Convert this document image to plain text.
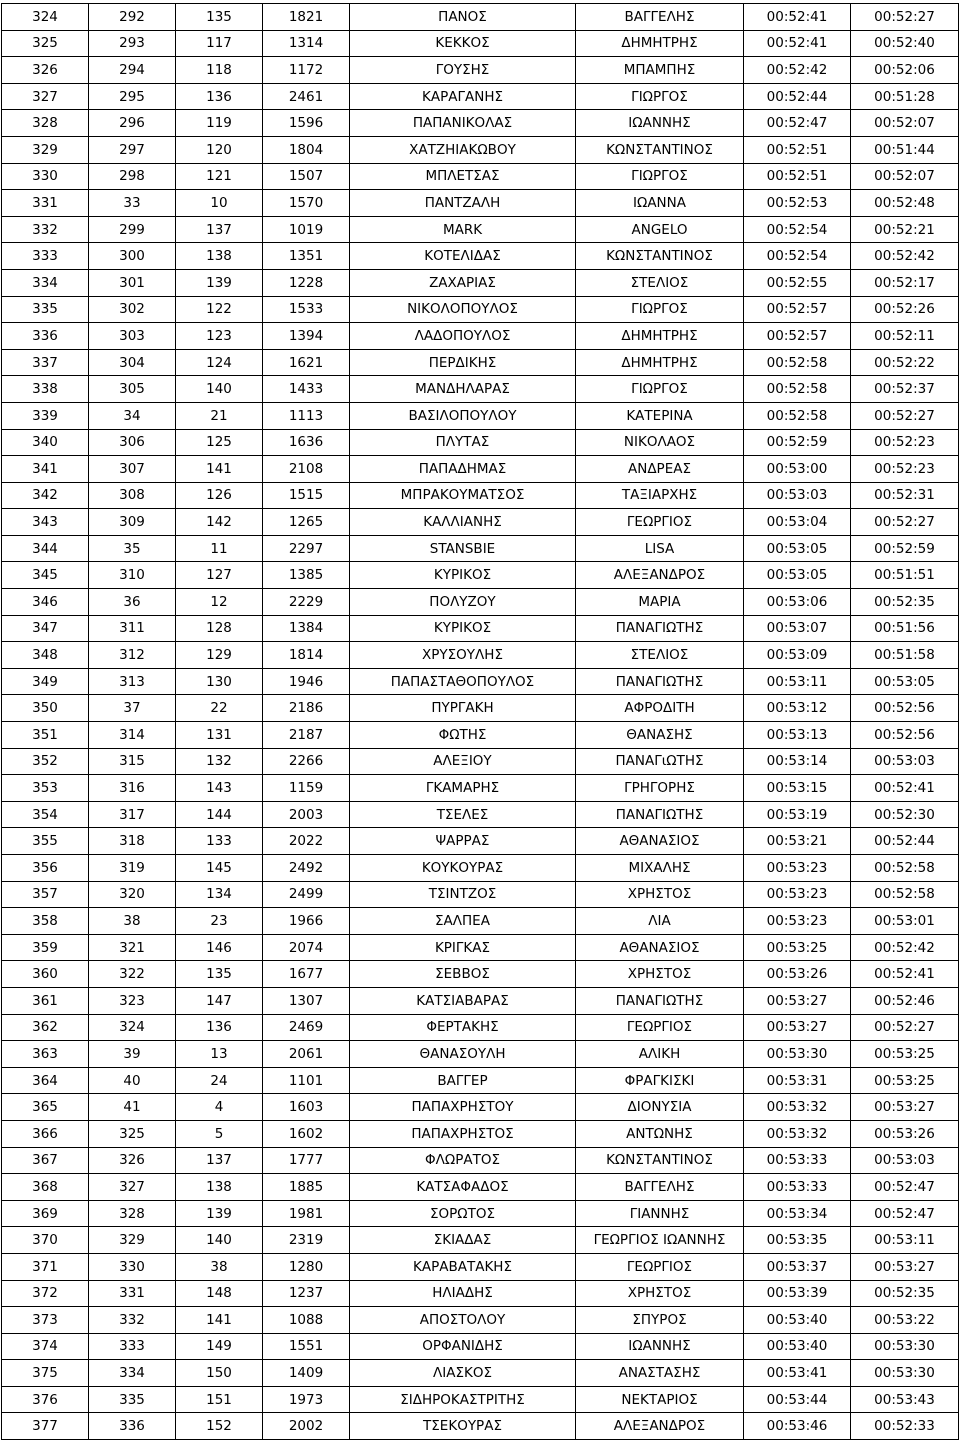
324	292	135	1821	ΠΑΝΟΣ	ΒΑΓΓΕΛΗΣ	00:52:41	00:52:27
325	293	117	1314	ΚΕΚΚΟΣ	ΔΗΜΗΤΡΗΣ	00:52:41	00:52:40
326	294	118	1172	ΓΟΥΣΗΣ	ΜΠΑΜΠΗΣ	00:52:42	00:52:06
327	295	136	2461	ΚΑΡΑΓΑΝΗΣ	ΓΙΩΡΓΟΣ	00:52:44	00:51:28
328	296	119	1596	ΠΑΠΑΝΙΚΟΛΑΣ	ΙΩΑΝΝΗΣ	00:52:47	00:52:07
329	297	120	1804	ΧΑΤΖΗΙΑΚΩΒΟΥ	ΚΩΝΣΤΑΝΤΙΝΟΣ	00:52:51	00:51:44
330	298	121	1507	ΜΠΛΕΤΣΑΣ	ΓΙΩΡΓΟΣ	00:52:51	00:52:07
331	33	10	1570	ΠΑΝΤΖΑΛΗ	ΙΩΑΝΝΑ	00:52:53	00:52:48
332	299	137	1019	MARK	ANGELO	00:52:54	00:52:21
333	300	138	1351	ΚΟΤΕΛΙΔΑΣ	ΚΩΝΣΤΑΝΤΙΝΟΣ	00:52:54	00:52:42
334	301	139	1228	ΖΑΧΑΡΙΑΣ	ΣΤΕΛΙΟΣ	00:52:55	00:52:17
335	302	122	1533	ΝΙΚΟΛΟΠΟΥΛΟΣ	ΓΙΩΡΓΟΣ	00:52:57	00:52:26
336	303	123	1394	ΛΑΔΟΠΟΥΛΟΣ	ΔΗΜΗΤΡΗΣ	00:52:57	00:52:11
337	304	124	1621	ΠΕΡΔΙΚΗΣ	ΔΗΜΗΤΡΗΣ	00:52:58	00:52:22
338	305	140	1433	ΜΑΝΔΗΛΑΡΑΣ	ΓΙΩΡΓΟΣ	00:52:58	00:52:37
339	34	21	1113	ΒΑΣΙΛΟΠΟΥΛΟΥ	ΚΑΤΕΡΙΝΑ	00:52:58	00:52:27
340	306	125	1636	ΠΛΥΤΑΣ	ΝΙΚΟΛΑΟΣ	00:52:59	00:52:23
341	307	141	2108	ΠΑΠΑΔΗΜΑΣ	ΑΝΔΡΕΑΣ	00:53:00	00:52:23
342	308	126	1515	ΜΠΡΑΚΟΥΜΑΤΣΟΣ	ΤΑΞΙΑΡΧΗΣ	00:53:03	00:52:31
343	309	142	1265	ΚΑΛΛΙΑΝΗΣ	ΓΕΩΡΓΙΟΣ	00:53:04	00:52:27
344	35	11	2297	STANSBIE	LISA	00:53:05	00:52:59
345	310	127	1385	ΚΥΡΙΚΟΣ	ΑΛΕΞΑΝΔΡΟΣ	00:53:05	00:51:51
346	36	12	2229	ΠΟΛΥΖΟΥ	ΜΑΡΙΑ	00:53:06	00:52:35
347	311	128	1384	ΚΥΡΙΚΟΣ	ΠΑΝΑΓΙΩΤΗΣ	00:53:07	00:51:56
348	312	129	1814	ΧΡΥΣΟΥΛΗΣ	ΣΤΕΛΙΟΣ	00:53:09	00:51:58
349	313	130	1946	ΠΑΠΑΣΤΑΘΟΠΟΥΛΟΣ	ΠΑΝΑΓΙΩΤΗΣ	00:53:11	00:53:05
350	37	22	2186	ΠΥΡΓΑΚΗ	ΑΦΡΟΔΙΤΗ	00:53:12	00:52:56
351	314	131	2187	ΦΩΤΗΣ	ΘΑΝΑΣΗΣ	00:53:13	00:52:56
352	315	132	2266	ΑΛΕΞΙΟΥ	ΠΑΝΑΓιΩΤΗΣ	00:53:14	00:53:03
353	316	143	1159	ΓΚΑΜΑΡΗΣ	ΓΡΗΓΟΡΗΣ	00:53:15	00:52:41
354	317	144	2003	ΤΣΕΛΕΣ	ΠΑΝΑΓΙΩΤΗΣ	00:53:19	00:52:30
355	318	133	2022	ΨΑΡΡΑΣ	ΑΘΑΝΑΣΙΟΣ	00:53:21	00:52:44
356	319	145	2492	ΚΟΥΚΟΥΡΑΣ	ΜΙΧΑΛΗΣ	00:53:23	00:52:58
357	320	134	2499	ΤΣΙΝΤΖΟΣ	ΧΡΗΣΤΟΣ	00:53:23	00:52:58
358	38	23	1966	ΣΑΛΠΕΑ	ΛΙΑ	00:53:23	00:53:01
359	321	146	2074	ΚΡΙΓΚΑΣ	ΑΘΑΝΑΣΙΟΣ	00:53:25	00:52:42
360	322	135	1677	ΣΕΒΒΟΣ	ΧΡΗΣΤΟΣ	00:53:26	00:52:41
361	323	147	1307	ΚΑΤΣΙΑΒΑΡΑΣ	ΠΑΝΑΓΙΩΤΗΣ	00:53:27	00:52:46
362	324	136	2469	ΦΕΡΤΑΚΗΣ	ΓΕΩΡΓΙΟΣ	00:53:27	00:52:27
363	39	13	2061	ΘΑΝΑΣΟΥΛΗ	ΑΛΙΚΗ	00:53:30	00:53:25
364	40	24	1101	ΒΑΓΓΕΡ	ΦΡΑΓΚΙΣΚΙ	00:53:31	00:53:25
365	41	4	1603	ΠΑΠΑΧΡΗΣΤΟΥ	ΔΙΟΝΥΣΙΑ	00:53:32	00:53:27
366	325	5	1602	ΠΑΠΑΧΡΗΣΤΟΣ	ΑΝΤΩΝΗΣ	00:53:32	00:53:26
367	326	137	1777	ΦΛΩΡΑΤΟΣ	ΚΩΝΣΤΑΝΤΙΝΟΣ	00:53:33	00:53:03
368	327	138	1885	ΚΑΤΣΑΦΑΔΟΣ	ΒΑΓΓΕΛΗΣ	00:53:33	00:52:47
369	328	139	1981	ΣΟΡΩΤΟΣ	ΓΙΑΝΝΗΣ	00:53:34	00:52:47
370	329	140	2319	ΣΚΙΑΔΑΣ	ΓΕΩΡΓΙΟΣ ΙΩΑΝΝΗΣ	00:53:35	00:53:11
371	330	38	1280	ΚΑΡΑΒΑΤΑΚΗΣ	ΓΕΩΡΓΙΟΣ	00:53:37	00:53:27
372	331	148	1237	ΗΛΙΑΔΗΣ	ΧΡΗΣΤΟΣ	00:53:39	00:52:35
373	332	141	1088	ΑΠΟΣΤΟΛΟΥ	ΣΠΥΡΟΣ	00:53:40	00:53:22
374	333	149	1551	ΟΡΦΑΝΙΔΗΣ	ΙΩΑΝΝΗΣ	00:53:40	00:53:30
375	334	150	1409	ΛΙΑΣΚΟΣ	ΑΝΑΣΤΑΣΗΣ	00:53:41	00:53:30
376	335	151	1973	ΣΙΔΗΡΟΚΑΣΤΡΙΤΗΣ	ΝΕΚΤΑΡΙΟΣ	00:53:44	00:53:43
377	336	152	2002	ΤΣΕΚΟΥΡΑΣ	ΑΛΕΞΑΝΔΡΟΣ	00:53:46	00:52:33
